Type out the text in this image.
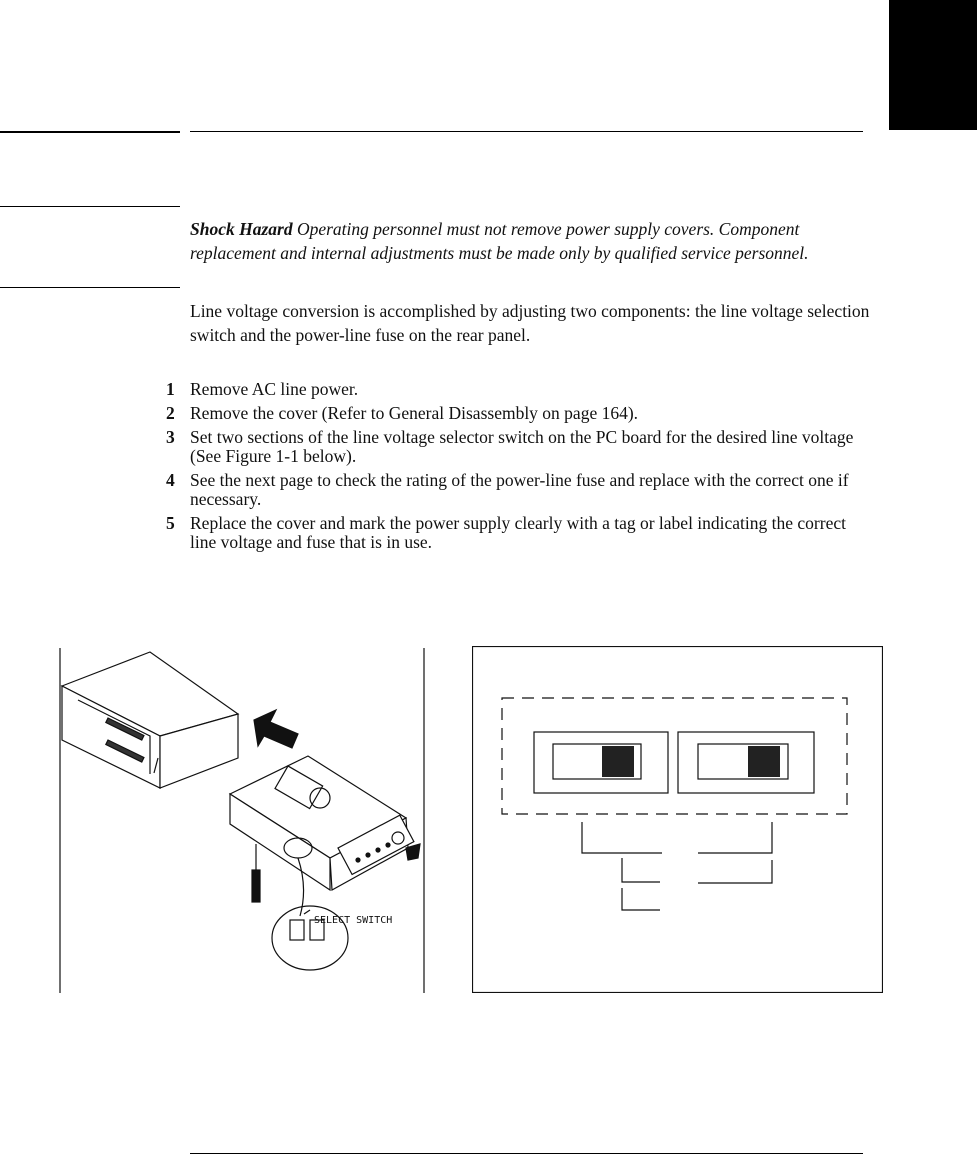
Shock Hazard Operating personnel must not remove power supply covers. Component replacement and internal adjustments must be made only by qualified service personnel.
Line voltage conversion is accomplished by adjusting two components: the line voltage selection switch and the power-line fuse on the rear panel.
1 Remove AC line power.
2 Remove the cover (Refer to General Disassembly on page 164).
3 Set two sections of the line voltage selector switch on the PC board for the desired line voltage (See Figure 1-1 below).
4 See the next page to check the rating of the power-line fuse and replace with the correct one if necessary.
5 Replace the cover and mark the power supply clearly with a tag or label indicating the correct line voltage and fuse that is in use.
SELECT SWITCH
